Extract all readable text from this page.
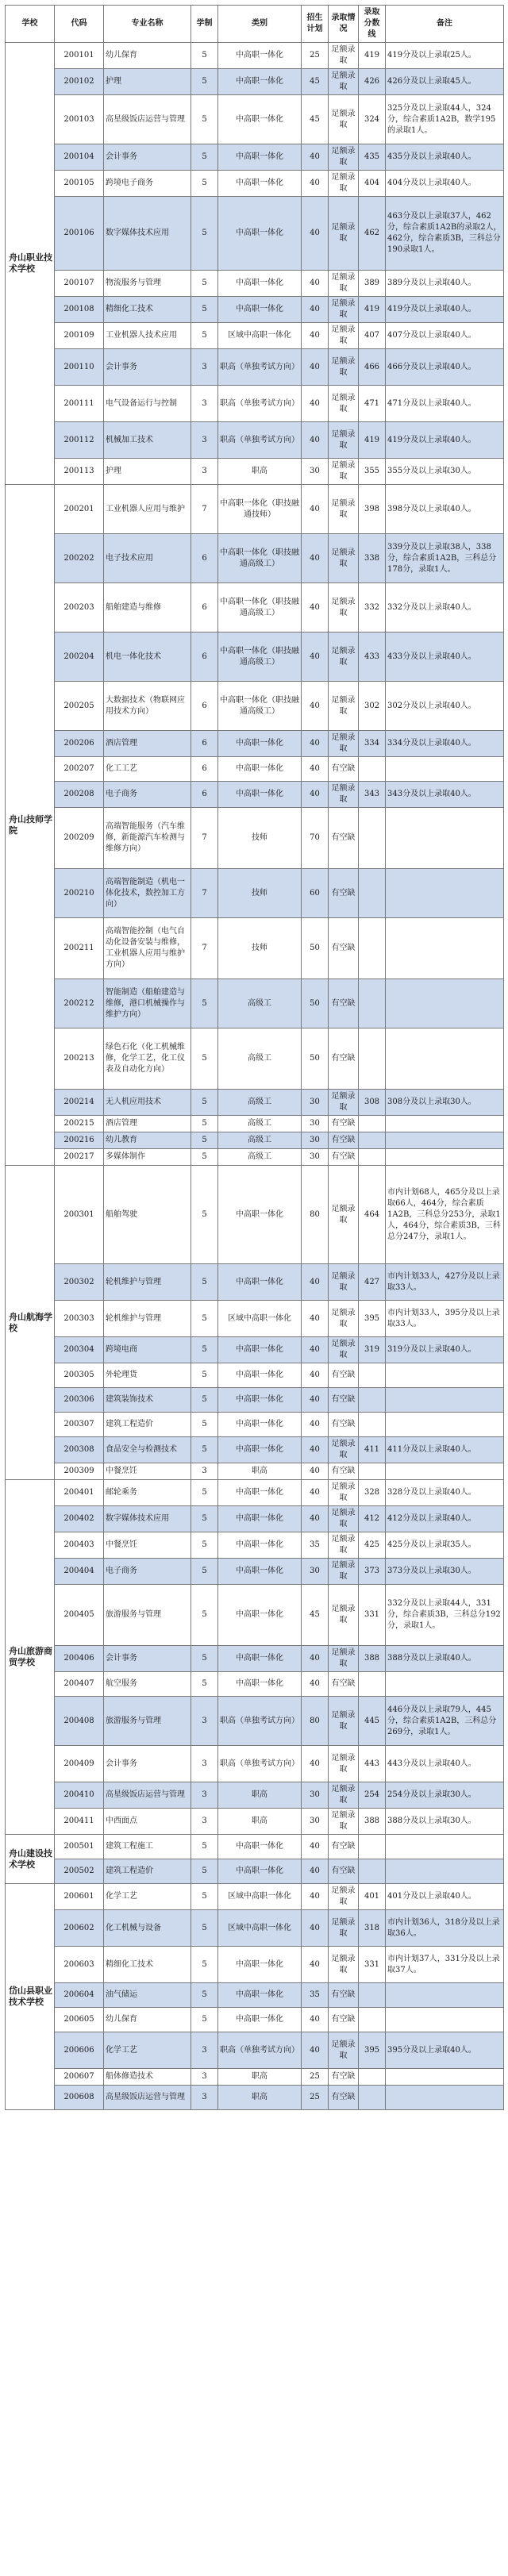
学校	代码	专业名称	学制	类别	招生计划	录取情况	录取分数线	备注
舟山职业技术学校	200101	幼儿保育	5	中高职一体化	25	足额录取	419	419分及以上录取25人。
	200102	护理	5	中高职一体化	45	足额录取	426	426分及以上录取45人。
	200103	高星级饭店运营与管理	5	中高职一体化	45	足额录取	324	325分及以上录取44人，324分，综合素质1A2B，数学195的录取1人。
	200104	会计事务	5	中高职一体化	40	足额录取	435	435分及以上录取40人。
	200105	跨境电子商务	5	中高职一体化	40	足额录取	404	404分及以上录取40人。
	200106	数字媒体技术应用	5	中高职一体化	40	足额录取	462	463分及以上录取37人，462分，综合素质1A2B的录取2人，462分，综合素质3B，三科总分190录取1人。
	200107	物流服务与管理	5	中高职一体化	40	足额录取	389	389分及以上录取40人。
	200108	精细化工技术	5	中高职一体化	40	足额录取	419	419分及以上录取40人。
	200109	工业机器人技术应用	5	区域中高职一体化	40	足额录取	407	407分及以上录取40人。
	200110	会计事务	3	职高（单独考试方向）	40	足额录取	466	466分及以上录取40人。
	200111	电气设备运行与控制	3	职高（单独考试方向）	40	足额录取	471	471分及以上录取40人。
	200112	机械加工技术	3	职高（单独考试方向）	40	足额录取	419	419分及以上录取40人。
	200113	护理	3	职高	30	足额录取	355	355分及以上录取30人。
舟山技师学院	200201	工业机器人应用与维护	7	中高职一体化（职技融通技师）	40	足额录取	398	398分及以上录取40人。
	200202	电子技术应用	6	中高职一体化（职技融通高级工）	40	足额录取	338	339分及以上录取38人，338分，综合素质1A2B，三科总分178分，录取1人。
	200203	船舶建造与维修	6	中高职一体化（职技融通高级工）	40	足额录取	332	332分及以上录取40人。
	200204	机电一体化技术	6	中高职一体化（职技融通高级工）	40	足额录取	433	433分及以上录取40人。
	200205	大数据技术（物联网应用技术方向）	6	中高职一体化（职技融通高级工）	40	足额录取	302	302分及以上录取40人。
	200206	酒店管理	6	中高职一体化	40	足额录取	334	334分及以上录取40人。
	200207	化工工艺	6	中高职一体化	40	有空缺		
	200208	电子商务	6	中高职一体化	40	足额录取	343	343分及以上录取40人。
	200209	高端智能服务（汽车维修，新能源汽车检测与维修方向）	7	技师	70	有空缺		
	200210	高端智能制造（机电一体化技术，数控加工方向）	7	技师	60	有空缺		
	200211	高端智能控制（电气自动化设备安装与维修，工业机器人应用与维护方向）	7	技师	50	有空缺		
	200212	智能制造（船舶建造与维修，港口机械操作与维护方向）	5	高级工	50	有空缺		
	200213	绿色石化（化工机械维修，化学工艺，化工仪表及自动化方向）	5	高级工	50	有空缺		
	200214	无人机应用技术	5	高级工	30	足额录取	308	308分及以上录取30人。
	200215	酒店管理	5	高级工	30	有空缺		
	200216	幼儿教育	5	高级工	30	有空缺		
	200217	多媒体制作	5	高级工	30	有空缺		
舟山航海学校	200301	船舶驾驶	5	中高职一体化	80	足额录取	464	市内计划68人，465分及以上录取66人，464分，综合素质1A2B，三科总分253分，录取1人，464分，综合素质3B，三科总分247分，录取1人。
	200302	轮机维护与管理	5	中高职一体化	40	足额录取	427	市内计划33人，427分及以上录取33人。
	200303	轮机维护与管理	5	区域中高职一体化	40	足额录取	395	市内计划33人，395分及以上录取33人。
	200304	跨境电商	5	中高职一体化	40	足额录取	319	319分及以上录取40人。
	200305	外轮理货	5	中高职一体化	40	有空缺		
	200306	建筑装饰技术	5	中高职一体化	40	有空缺		
	200307	建筑工程造价	5	中高职一体化	40	有空缺		
	200308	食品安全与检测技术	5	中高职一体化	40	足额录取	411	411分及以上录取40人。
	200309	中餐烹饪	3	职高	40	有空缺		
舟山旅游商贸学校	200401	邮轮乘务	5	中高职一体化	40	足额录取	328	328分及以上录取40人。
	200402	数字媒体技术应用	5	中高职一体化	40	足额录取	412	412分及以上录取40人。
	200403	中餐烹饪	5	中高职一体化	35	足额录取	425	425分及以上录取35人。
	200404	电子商务	5	中高职一体化	30	足额录取	373	373分及以上录取30人。
	200405	旅游服务与管理	5	中高职一体化	45	足额录取	331	332分及以上录取44人，331分，综合素质3B，三科总分192分，录取1人。
	200406	会计事务	5	中高职一体化	40	足额录取	388	388分及以上录取40人。
	200407	航空服务	5	中高职一体化	40	有空缺		
	200408	旅游服务与管理	3	职高（单独考试方向）	80	足额录取	445	446分及以上录取79人，445分，综合素质1A2B，三科总分269分，录取1人。
	200409	会计事务	3	职高（单独考试方向）	40	足额录取	443	443分及以上录取40人。
	200410	高星级饭店运营与管理	3	职高	30	足额录取	254	254分及以上录取30人。
	200411	中西面点	3	职高	30	足额录取	388	388分及以上录取30人。
舟山建设技术学校	200501	建筑工程施工	5	中高职一体化	40	有空缺		
	200502	建筑工程造价	5	中高职一体化	40	有空缺		
岱山县职业技术学校	200601	化学工艺	5	区域中高职一体化	40	足额录取	401	401分及以上录取40人。
	200602	化工机械与设备	5	区域中高职一体化	40	足额录取	318	市内计划36人，318分及以上录取36人。
	200603	精细化工技术	5	中高职一体化	40	足额录取	331	市内计划37人，331分及以上录取37人。
	200604	油气储运	5	中高职一体化	35	有空缺		
	200605	幼儿保育	5	中高职一体化	40	有空缺		
	200606	化学工艺	3	职高（单独考试方向）	40	足额录取	395	395分及以上录取40人。
	200607	船体修造技术	3	职高	25	有空缺		
	200608	高星级饭店运营与管理	3	职高	25	有空缺		
